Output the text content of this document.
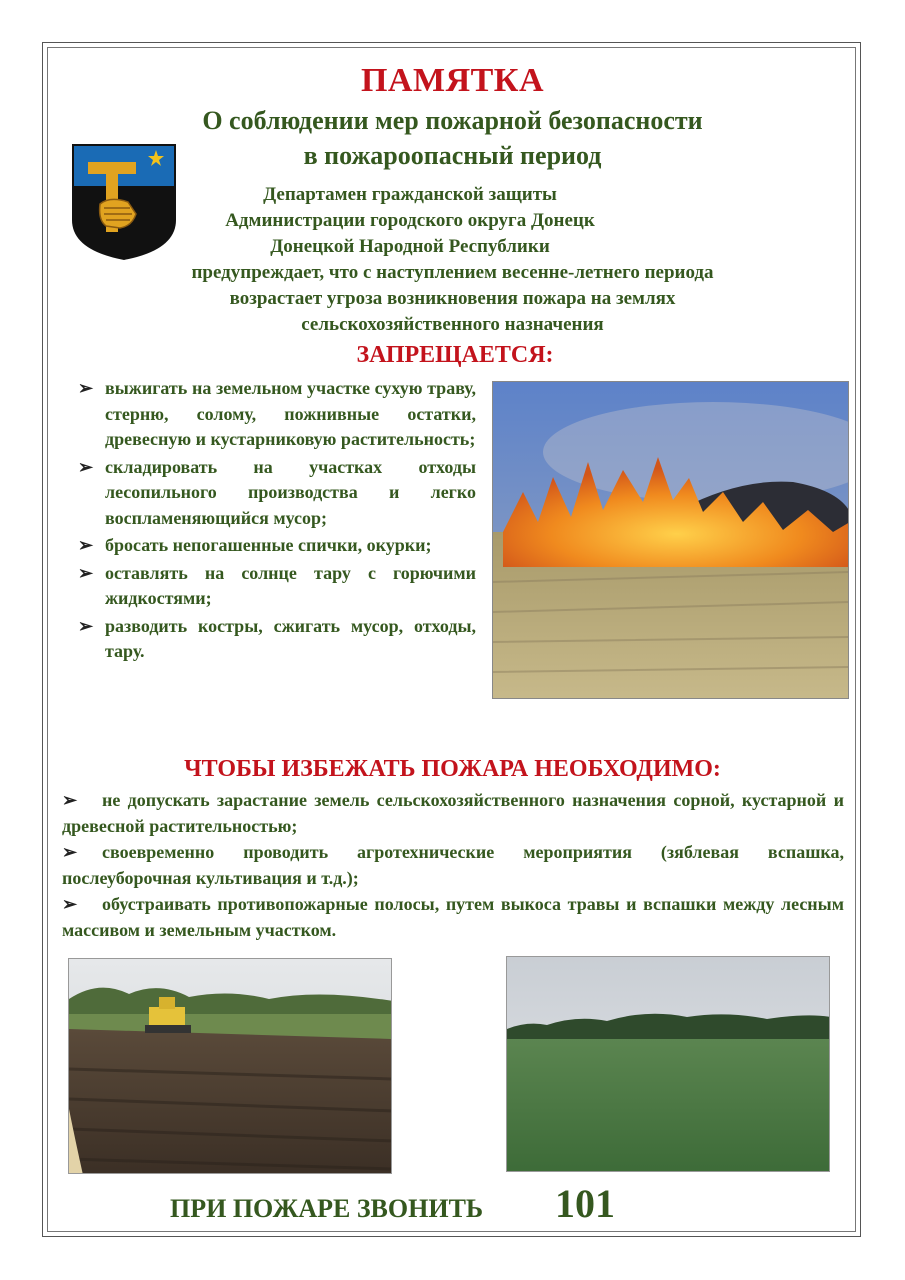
ПАМЯТКА
О соблюдении мер пожарной безопасности
в пожароопасный период
Департамен гражданской защиты
Администрации городского округа Донецк
Донецкой Народной Республики
предупреждает, что с наступлением весенне-летнего периода
возрастает угроза возникновения пожара на землях
сельскохозяйственного назначения
ЗАПРЕЩАЕТСЯ:
➢ выжигать на земельном участке сухую траву, стерню, солому, пожнивные остатки, древесную и кустарниковую растительность;
➢ складировать на участках отходы лесопильного производства и легко воспламеняющийся мусор;
➢ бросать непогашенные спички, окурки;
➢ оставлять на солнце тару с горючими жидкостями;
➢ разводить костры, сжигать мусор, отходы, тару.
ЧТОБЫ ИЗБЕЖАТЬ ПОЖАРА НЕОБХОДИМО:
➢ не допускать зарастание земель сельскохозяйственного назначения сорной, кустарной и древесной растительностью;
➢ своевременно проводить агротехнические мероприятия (зяблевая вспашка, послеуборочная культивация и т.д.);
➢ обустраивать противопожарные полосы, путем выкоса травы и вспашки между лесным массивом и земельным участком.
ПРИ ПОЖАРЕ ЗВОНИТЬ 101
